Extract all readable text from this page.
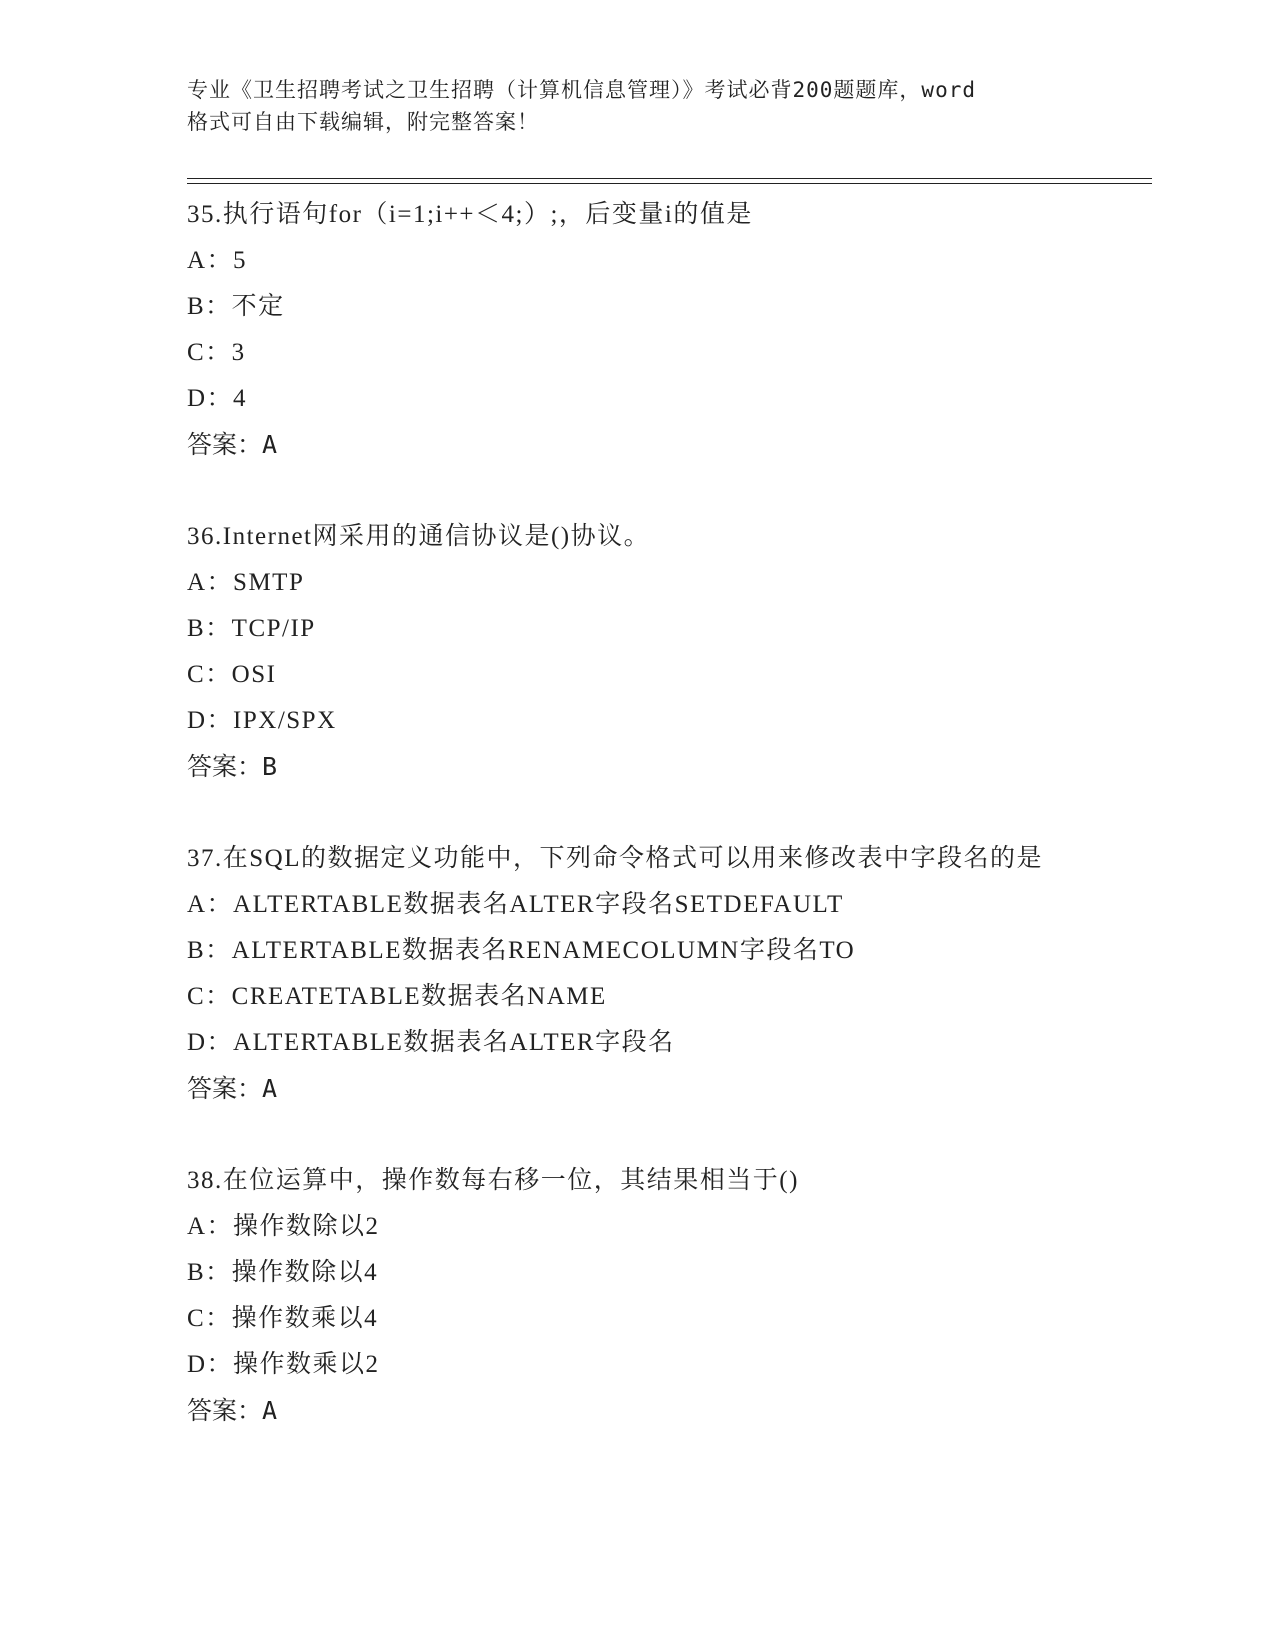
专业《卫生招聘考试之卫生招聘（计算机信息管理）》考试必背200题题库，word
格式可自由下载编辑，附完整答案！

35.执行语句for（i=1;i++＜4;）;，后变量i的值是

A：5

B：不定

C：3

D：4

答案：A

36.Internet网采用的通信协议是()协议。

A：SMTP

B：TCP/IP

C：OSI

D：IPX/SPX

答案：B

37.在SQL的数据定义功能中，下列命令格式可以用来修改表中字段名的是

A：ALTERTABLE数据表名ALTER字段名SETDEFAULT

B：ALTERTABLE数据表名RENAMECOLUMN字段名TO

C：CREATETABLE数据表名NAME

D：ALTERTABLE数据表名ALTER字段名

答案：A

38.在位运算中，操作数每右移一位，其结果相当于()

A：操作数除以2

B：操作数除以4

C：操作数乘以4

D：操作数乘以2

答案：A
